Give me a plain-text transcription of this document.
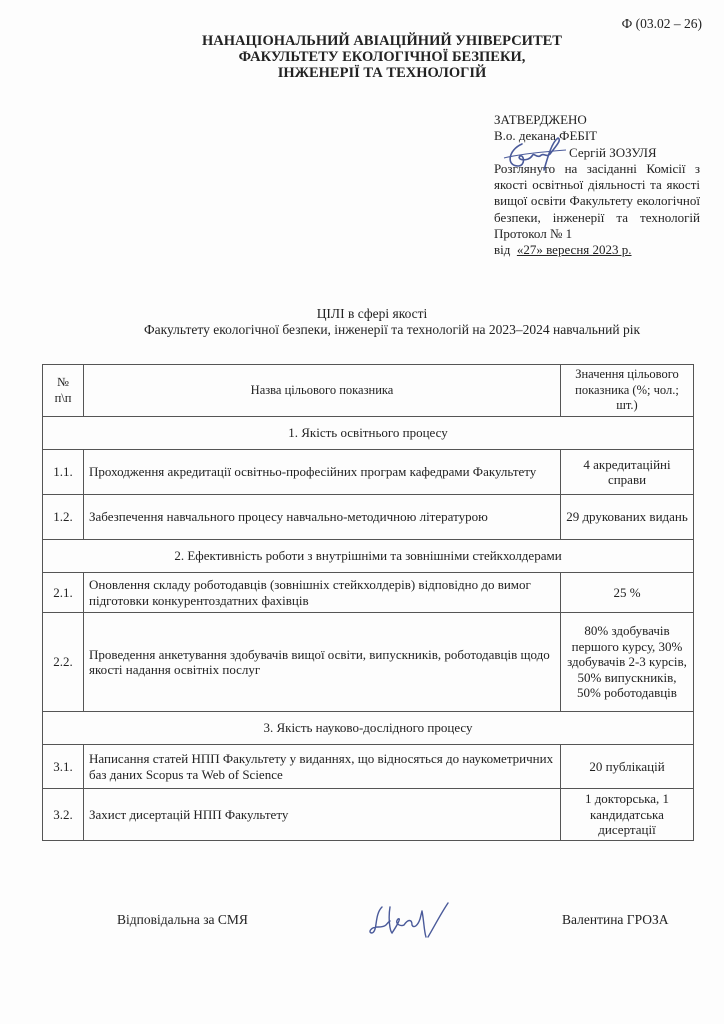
Ф (03.02 – 26)
НАНАЦІОНАЛЬНИЙ АВІАЦІЙНИЙ УНІВЕРСИТЕТ
ФАКУЛЬТЕТУ ЕКОЛОГІЧНОЇ БЕЗПЕКИ,
ІНЖЕНЕРІЇ ТА ТЕХНОЛОГІЙ
ЗАТВЕРДЖЕНО
В.о. декана ФЕБІТ
Сергій ЗОЗУЛЯ
Розглянуто на засіданні Комісії з якості освітньої діяльності та якості вищої освіти Факультету екологічної безпеки, інженерії та технологій Протокол № 1
від «27» вересня 2023 р.
ЦІЛІ в сфері якості
Факультету екологічної безпеки, інженерії та технологій на 2023–2024 навчальний рік
№ п\п	Назва цільового показника	Значення цільового показника (%; чол.; шт.)
1. Якість освітнього процесу		
1.1.	Проходження акредитації освітньо-професійних програм кафедрами Факультету	4 акредитаційні справи
1.2.	Забезпечення навчального процесу навчально-методичною літературою	29 друкованих видань
2. Ефективність роботи з внутрішніми та зовнішніми стейкхолдерами		
2.1.	Оновлення складу роботодавців (зовнішніх стейкхолдерів) відповідно до вимог підготовки конкурентоздатних фахівців	25 %
2.2.	Проведення анкетування здобувачів вищої освіти, випускників, роботодавців щодо якості надання освітніх послуг	80% здобувачів першого курсу, 30% здобувачів 2-3 курсів, 50% випускників, 50% роботодавців
3. Якість науково-дослідного процесу		
3.1.	Написання статей НПП Факультету у виданнях, що відносяться до наукометричних баз даних Scopus та Web of Science	20 публікацій
3.2.	Захист дисертацій НПП Факультету	1 докторська, 1 кандидатська дисертації
Відповідальна за СМЯ	Валентина ГРОЗА
